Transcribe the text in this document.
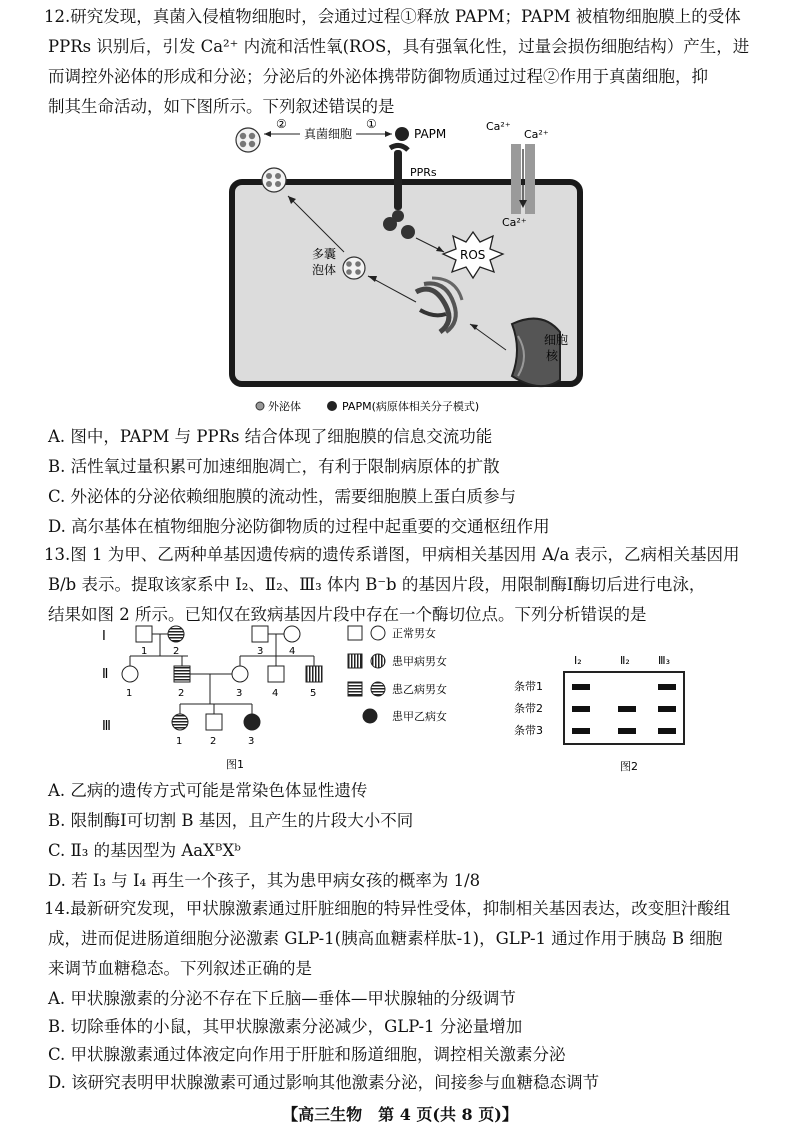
12.研究发现，真菌入侵植物细胞时，会通过过程①释放 PAPM；PAPM 被植物细胞膜上的受体
PPRs 识别后，引发 Ca²⁺ 内流和活性氧(ROS，具有强氧化性，过量会损伤细胞结构）产生，进
而调控外泌体的形成和分泌；分泌后的外泌体携带防御物质通过过程②作用于真菌细胞，抑
制其生命活动，如下图所示。下列叙述错误的是
②
真菌细胞
①
PAPM
Ca²⁺
Ca²⁺
PPRs
Ca²⁺
ROS
多囊
泡体
细胞
核
外泌体	PAPM(病原体相关分子模式)
A. 图中，PAPM 与 PPRs 结合体现了细胞膜的信息交流功能
B. 活性氧过量积累可加速细胞凋亡，有利于限制病原体的扩散
C. 外泌体的分泌依赖细胞膜的流动性，需要细胞膜上蛋白质参与
D. 高尔基体在植物细胞分泌防御物质的过程中起重要的交通枢纽作用
13.图 1 为甲、乙两种单基因遗传病的遗传系谱图，甲病相关基因用 A/a 表示，乙病相关基因用
B/b 表示。提取该家系中 Ⅰ₂、Ⅱ₂、Ⅲ₃ 体内 B⁻b 的基因片段，用限制酶Ⅰ酶切后进行电泳，
结果如图 2 所示。已知仅在致病基因片段中存在一个酶切位点。下列分析错误的是
Ⅰ
Ⅱ
Ⅲ
1	2	3	4
1	2	3	4	5
1	2	3
正常男女
患甲病男女
患乙病男女
患甲乙病女
图1
Ⅰ₂	Ⅱ₂	Ⅲ₃
条带1
条带2
条带3
图2
A. 乙病的遗传方式可能是常染色体显性遗传
B. 限制酶Ⅰ可切割 B 基因，且产生的片段大小不同
C. Ⅱ₃ 的基因型为 AaXᴮXᵇ
D. 若 Ⅰ₃ 与 Ⅰ₄ 再生一个孩子，其为患甲病女孩的概率为 1/8
14.最新研究发现，甲状腺激素通过肝脏细胞的特异性受体，抑制相关基因表达，改变胆汁酸组
成，进而促进肠道细胞分泌激素 GLP-1(胰高血糖素样肽-1)，GLP-1 通过作用于胰岛 B 细胞
来调节血糖稳态。下列叙述正确的是
A. 甲状腺激素的分泌不存在下丘脑—垂体—甲状腺轴的分级调节
B. 切除垂体的小鼠，其甲状腺激素分泌减少，GLP-1 分泌量增加
C. 甲状腺激素通过体液定向作用于肝脏和肠道细胞，调控相关激素分泌
D. 该研究表明甲状腺激素可通过影响其他激素分泌，间接参与血糖稳态调节
【高三生物　第 4 页(共 8 页)】
